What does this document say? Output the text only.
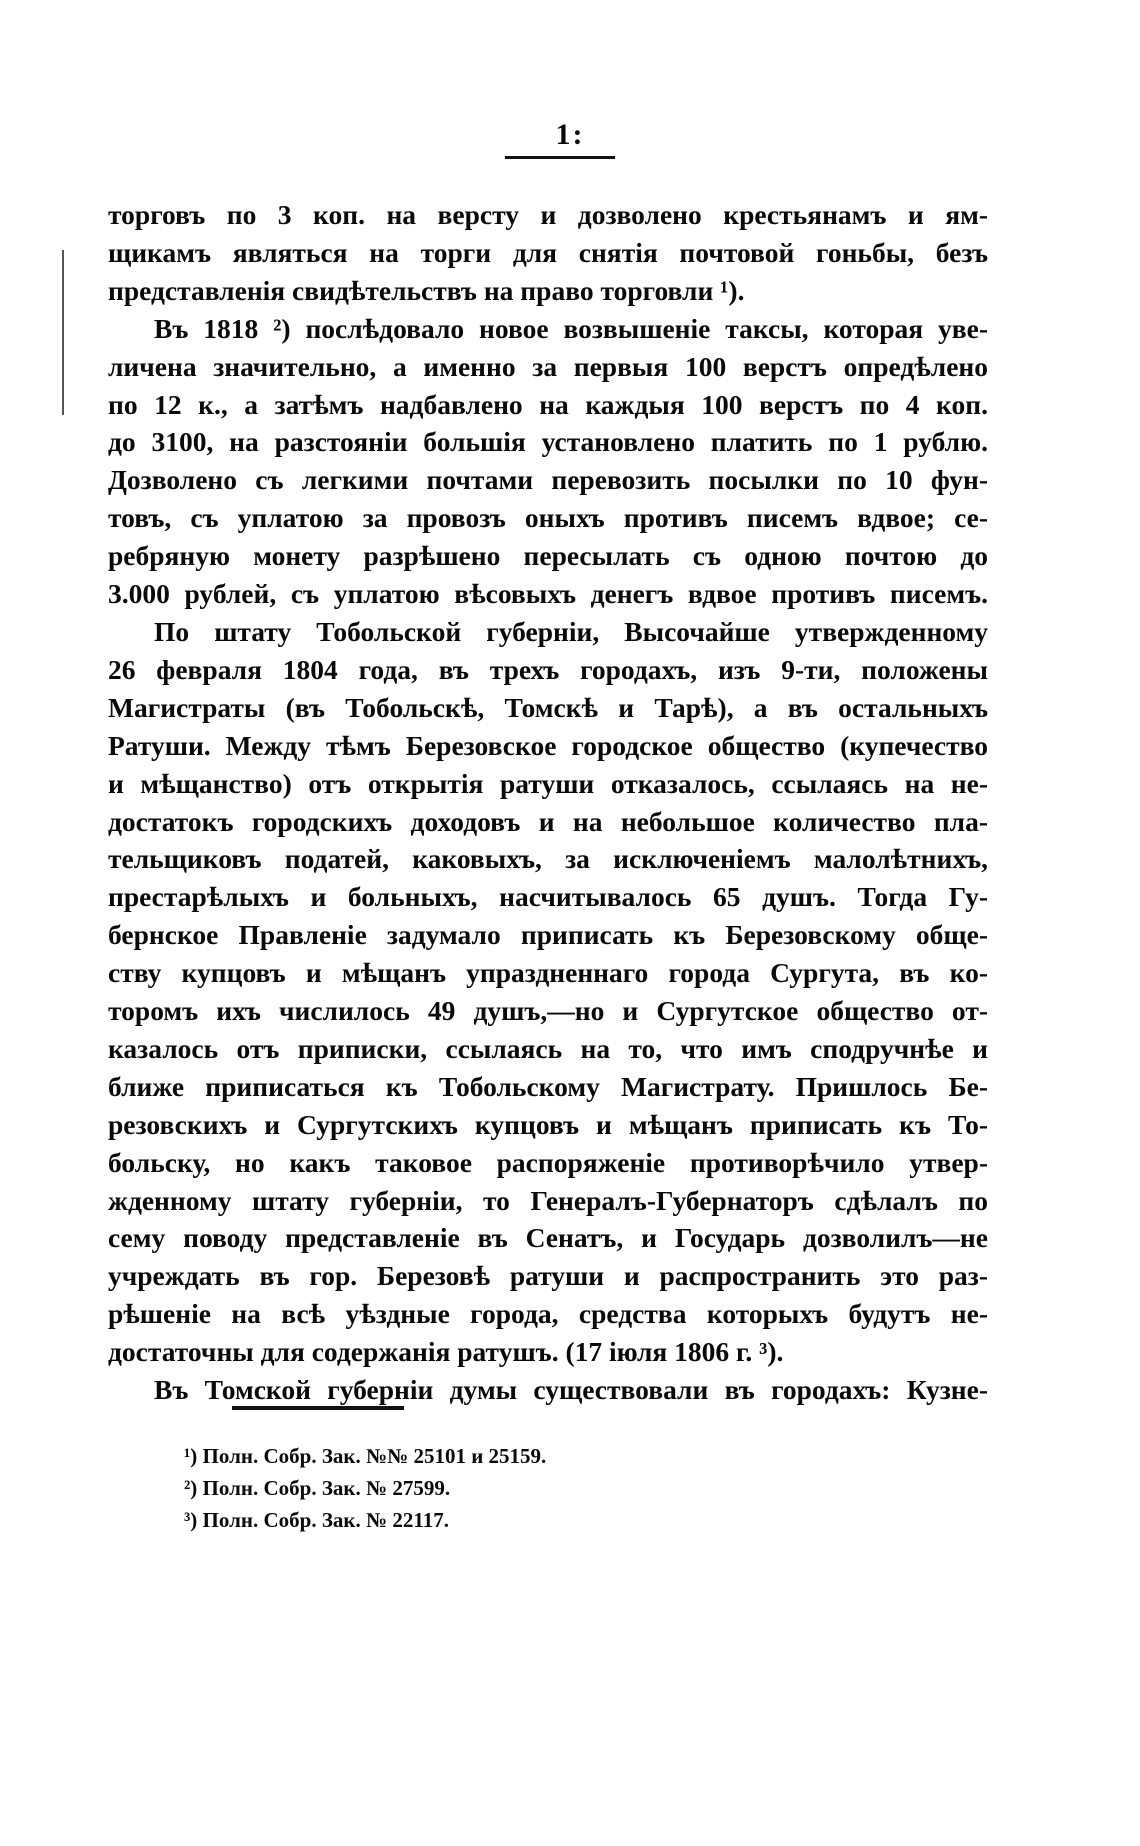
1:
торговъ по 3 коп. на версту и дозволено крестьянамъ и ям-
щикамъ являться на торги для снятія почтовой гоньбы, безъ
представленія свидѣтельствъ на право торговли ¹).
Въ 1818 ²) послѣдовало новое возвышеніе таксы, которая уве-
личена значительно, а именно за первыя 100 верстъ опредѣлено
по 12 к., а затѣмъ надбавлено на каждыя 100 верстъ по 4 коп.
до 3100, на разстояніи большія установлено платить по 1 рублю.
Дозволено съ легкими почтами перевозить посылки по 10 фун-
товъ, съ уплатою за провозъ оныхъ противъ писемъ вдвое; се-
ребряную монету разрѣшено пересылать съ одною почтою до
3.000 рублей, съ уплатою вѣсовыхъ денегъ вдвое противъ писемъ.
По штату Тобольской губерніи, Высочайше утвержденному
26 февраля 1804 года, въ трехъ городахъ, изъ 9-ти, положены
Магистраты (въ Тобольскѣ, Томскѣ и Тарѣ), а въ остальныхъ
Ратуши. Между тѣмъ Березовское городское общество (купечество
и мѣщанство) отъ открытія ратуши отказалось, ссылаясь на не-
достатокъ городскихъ доходовъ и на небольшое количество пла-
тельщиковъ податей, каковыхъ, за исключеніемъ малолѣтнихъ,
престарѣлыхъ и больныхъ, насчитывалось 65 душъ. Тогда Гу-
бернское Правленіе задумало приписать къ Березовскому обще-
ству купцовъ и мѣщанъ упраздненнаго города Сургута, въ ко-
торомъ ихъ числилось 49 душъ,—но и Сургутское общество от-
казалось отъ приписки, ссылаясь на то, что имъ сподручнѣе и
ближе приписаться къ Тобольскому Магистрату. Пришлось Бе-
резовскихъ и Сургутскихъ купцовъ и мѣщанъ приписать къ То-
больску, но какъ таковое распоряженіе противорѣчило утвер-
жденному штату губерніи, то Генералъ-Губернаторъ сдѣлалъ по
сему поводу представленіе въ Сенатъ, и Государь дозволилъ—не
учреждать въ гор. Березовѣ ратуши и распространить это раз-
рѣшеніе на всѣ уѣздные города, средства которыхъ будутъ не-
достаточны для содержанія ратушъ. (17 іюля 1806 г. ³).
Въ Томской губерніи думы существовали въ городахъ: Кузне-
¹) Полн. Собр. Зак. №№ 25101 и 25159.
²) Полн. Собр. Зак. № 27599.
³) Полн. Собр. Зак. № 22117.
